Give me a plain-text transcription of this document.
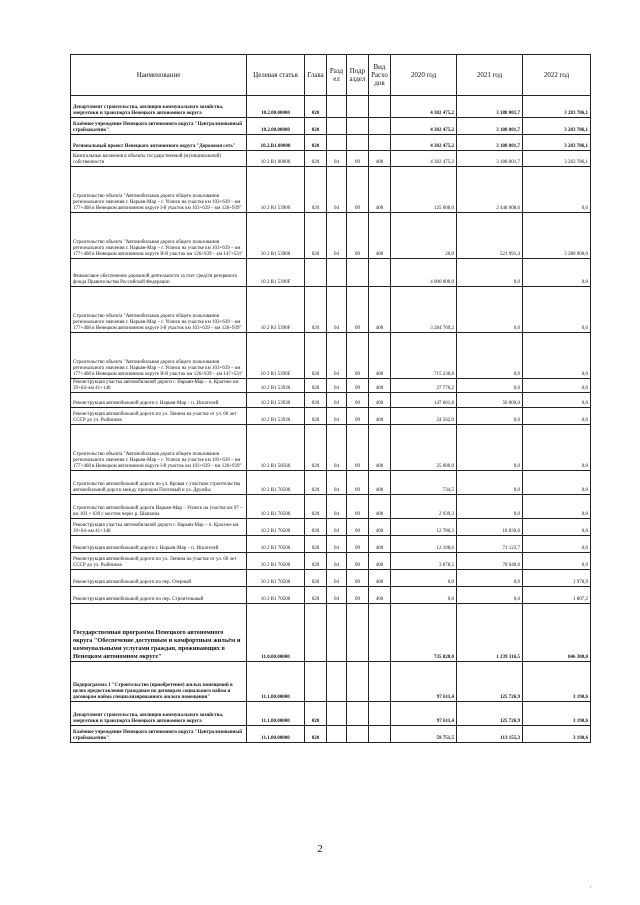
Наименование	Целевая статья	Глава	Разд ел	Подр аздел	Вид Расхо дов	2020 год	2021 год	2022 год
Департамент строительства, жилищно-коммунального хозяйства, энергетики и транспорта Ненецкого автономного округа	10.2.00.00000	020				4 382 475,2	3 188 001,7	3 283 786,1
Казённое учреждение Ненецкого автономного округа "Централизованный стройзаказчик"	10.2.00.00000	020				4 382 475,2	3 188 001,7	3 283 786,1
Региональный проект Ненецкого автономного округа "Дорожная сеть"	10.2.R1.00000	020				4 382 475,2	3 188 001,7	3 283 786,1
Капитальные вложения в объекты государственной (муниципальной) собственности	10 2 R1 00000	020	04	09	400	4 382 475,2	3 188 001,7	3 283 786,1
Строительство объекта "Автомобильная дорога общего пользования регионального значения г. Нарьян-Мар – г. Усинск на участке км 103+639 – км 177+468 в Ненецком автономном округе I-й участок км 103+639 – км 126+939"	10 2 R1 53900	020	04	09	400	125 008,0	2 448 008,6	0,0
Строительство объекта "Автомобильная дорога общего пользования регионального значения г. Нарьян-Мар – г. Усинск на участке км 103+639 – км 177+468 в Ненецком автономном округе II-й участок км 126+939 – км 147+531"	10 2 R1 53900	020	04	09	400	20,0	521 991,4	3 280 000,0
Финансовое обеспечение дорожной деятельности за счет средств резервного фонда Правительства Российской Федерации	10 2 R1 5390F					4 000 000,0	0,0	0,0
Строительство объекта "Автомобильная дорога общего пользования регионального значения г. Нарьян-Мар – г. Усинск на участке км 103+639 – км 177+468 в Ненецком автономном округе I-й участок км 103+639 – км 126+939"	10 2 R1 5390F	020	04	09	400	3 284 769,2	0,0	0,0
Строительство объекта "Автомобильная дорога общего пользования регионального значения г. Нарьян-Мар – г. Усинск на участке км 103+639 – км 177+468 в Ненецком автономном округе II-й участок км 126+939 – км 147+531"	10 2 R1 5390F	020	04	09	400	715 230,8	0,0	0,0
Реконструкция участка автомобильной дороги г. Нарьян-Мар – п. Красное км 39+64–км 41+148	10 2 R1 53930	020	04	09	400	27 776,2	0,0	0,0
Реконструкция автомобильной дороги г. Нарьян-Мар – п. Искателей	10 2 R1 53930	020	04	09	400	147 661,8	50 000,0	0,0
Реконструкция автомобильной дороги по ул. Ленина на участке от ул. 60 лет СССР до ул. Рыбников	10 2 R1 53930	020	04	09	400	24 562,0	0,0	0,0
Строительство объекта "Автомобильная дорога общего пользования регионального значения г. Нарьян-Мар – г. Усинск на участке км 103+639 – км 177+468 в Ненецком автономном округе I-й участок км 103+639 – км 126+939"	10 2 R1 58560	020	04	09	400	25 000,0	0,0	0,0
Строительство автомобильной дороги по ул. Яровая с участком строительства автомобильной дороги между проездом Почтовый и ул. Дружбы	10 2 R1 70500	020	04	09	400	734,5	0,0	0,0
Строительство автомобильной дороги Нарьян-Мар – Усинск на участке км 97 – км 103 + 639 с мостом через р. Шапкина	10 2 R1 70500	020	04	09	400	2 939,3	0,0	0,0
Реконструкция участка автомобильной дороги г. Нарьян-Мар – п. Красное км 39+64–км 41+148	10 2 R1 70500	020	04	09	400	12 786,3	18 839,0	0,0
Реконструкция автомобильной дороги г. Нарьян-Мар – п. Искателей	10 2 R1 70500	020	04	09	400	12 108,6	71 123,7	0,0
Реконструкция автомобильной дороги по ул. Ленина на участке от ул. 60 лет СССР до ул. Рыбников	10 2 R1 70500	020	04	09	400	3 878,5	78 040,0	0,0
Реконструкция автомобильной дороги по пер. Озерный	10 2 R1 70500	020	04	09	400	0,0	0,0	1 978,9
Реконструкция автомобильной дороги по пер. Строительный	10 2 R1 70500	020	04	09	400	0,0	0,0	1 807,2
Государственная программа Ненецкого автономного округа "Обеспечение доступным и комфортным жильём и коммунальными услугами граждан, проживающих в Ненецком автономном округе"	11.0.00.00000					735 820,0	1 239 316,5	846 308,0
Подпрограмма 1 "Строительство (приобретение) жилых помещений в целях предоставления гражданам по договорам социального найма и договорам найма специализированного жилого помещения"	11.1.00.00000					97 611,4	125 726,9	3 190,6
Департамент строительства, жилищно-коммунального хозяйства, энергетики и транспорта Ненецкого автономного округа	11.1.00.00000	020				97 611,4	125 726,9	3 190,6
Казённое учреждение Ненецкого автономного округа "Централизованный стройзаказчик"	11.1.00.00000	020				59 751,5	113 155,3	3 190,6
2
'
